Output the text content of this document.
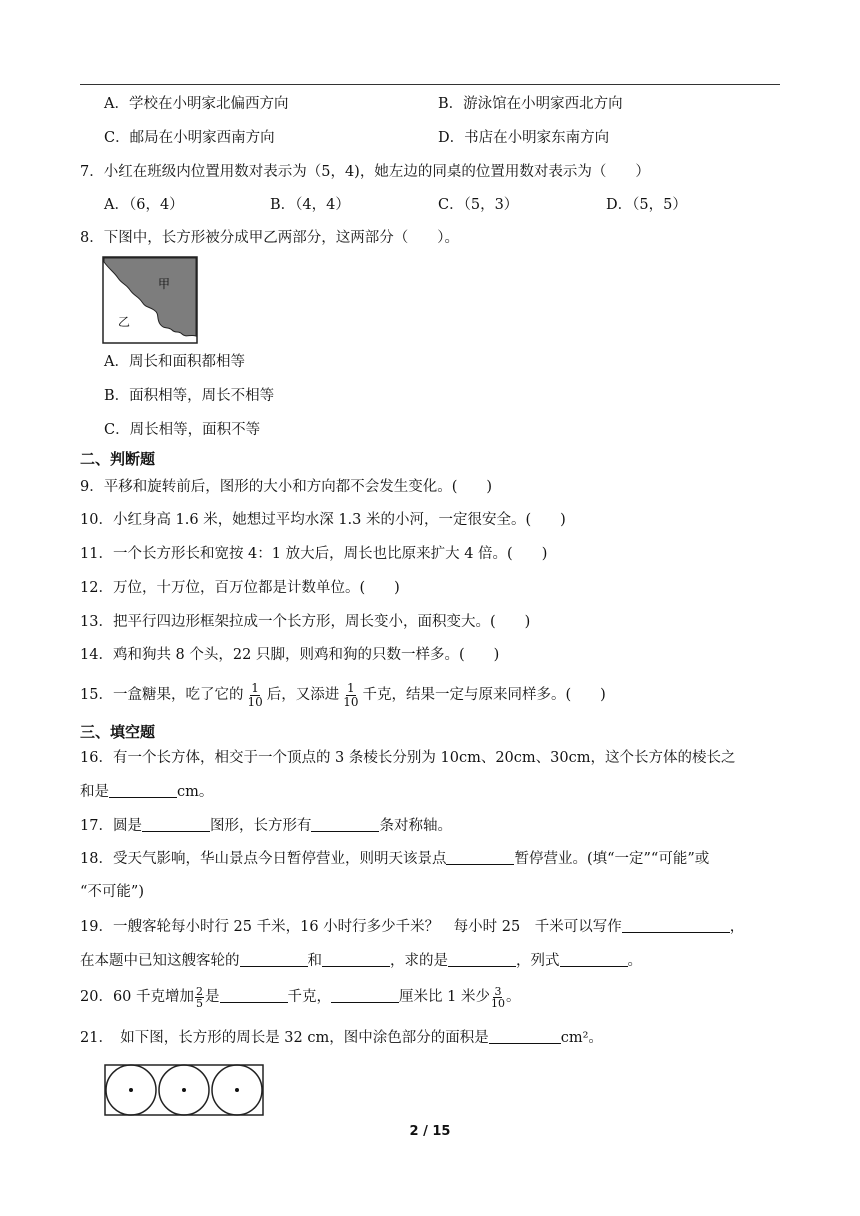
A．学校在小明家北偏西方向	B．游泳馆在小明家西北方向
C．邮局在小明家西南方向	D．书店在小明家东南方向
7．小红在班级内位置用数对表示为（5，4)，她左边的同桌的位置用数对表示为（　　）
A．（6，4）	B．（4，4）	C．（5，3）	D．（5，5）
8．下图中，长方形被分成甲乙两部分，这两部分（　　）。
甲
乙
A．周长和面积都相等
B．面积相等，周长不相等
C．周长相等，面积不等
二、判断题
9．平移和旋转前后，图形的大小和方向都不会发生变化。(　　)
10．小红身高 1.6 米，她想过平均水深 1.3 米的小河，一定很安全。(　　)
11．一个长方形长和宽按 4：1 放大后，周长也比原来扩大 4 倍。(　　)
12．万位，十万位，百万位都是计数单位。(　　)
13．把平行四边形框架拉成一个长方形，周长变小，面积变大。(　　)
14．鸡和狗共 8 个头，22 只脚，则鸡和狗的只数一样多。(　　)
15．一盒糖果，吃了它的 $\frac{1}{10}$ 后，又添进 $\frac{1}{10}$ 千克，结果一定与原来同样多。(　　)
三、填空题
16．有一个长方体，相交于一个顶点的 3 条棱长分别为 10cm、20cm、30cm，这个长方体的棱长之
和是	cm。
17．圆是	图形，长方形有	条对称轴。
18．受天气影响，华山景点今日暂停营业，则明天该景点	暂停营业。(填“一定”“可能”或
“不可能”)
19．一艘客轮每小时行 25 千米，16 小时行多少千米？　每小时 25　千米可以写作	，
在本题中已知这艘客轮的	和	，求的是	，列式	。
20．60 千克增加 $\frac{2}{5}$ 是	千克，	厘米比 1 米少 $\frac{3}{10}$ 。
21．　如下图，长方形的周长是 32 cm，图中涂色部分的面积是	cm²。
2 / 15
